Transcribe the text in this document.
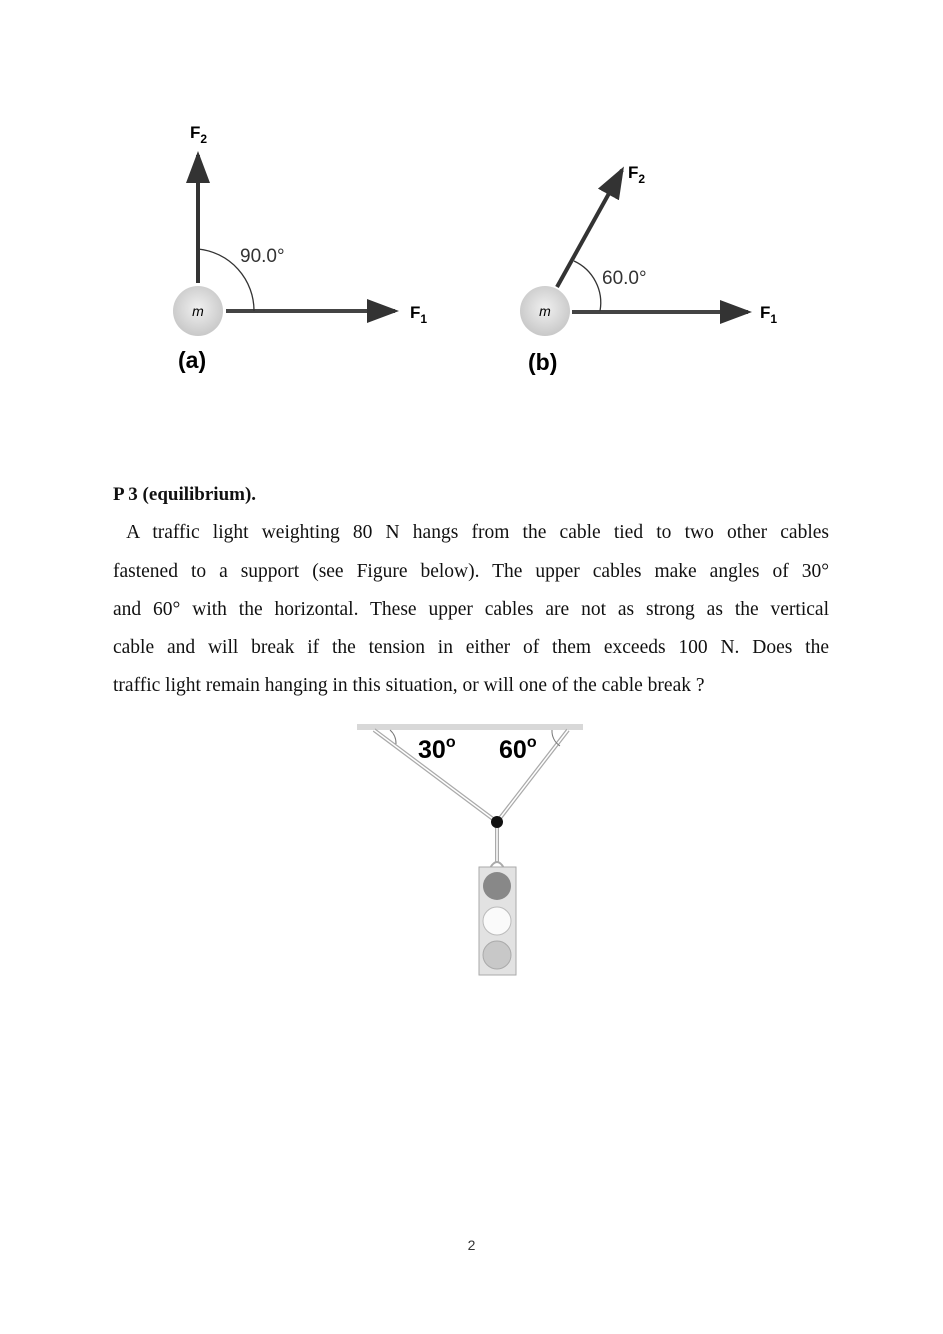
m
90.0°
$F_2$
$F_1$
(a)
m
60.0°
$F_2$
$F_1$
(b)
30$^o$ 60$^o$
P 3 (equilibrium).
A traffic light weighting 80 N hangs from the cable tied to two other cables
fastened to a support (see Figure below). The upper cables make angles of 30°
and 60° with the horizontal. These upper cables are not as strong as the vertical
cable and will break if the tension in either of them exceeds 100 N. Does the
traffic light remain hanging in this situation, or will one of the cable break ?
2
